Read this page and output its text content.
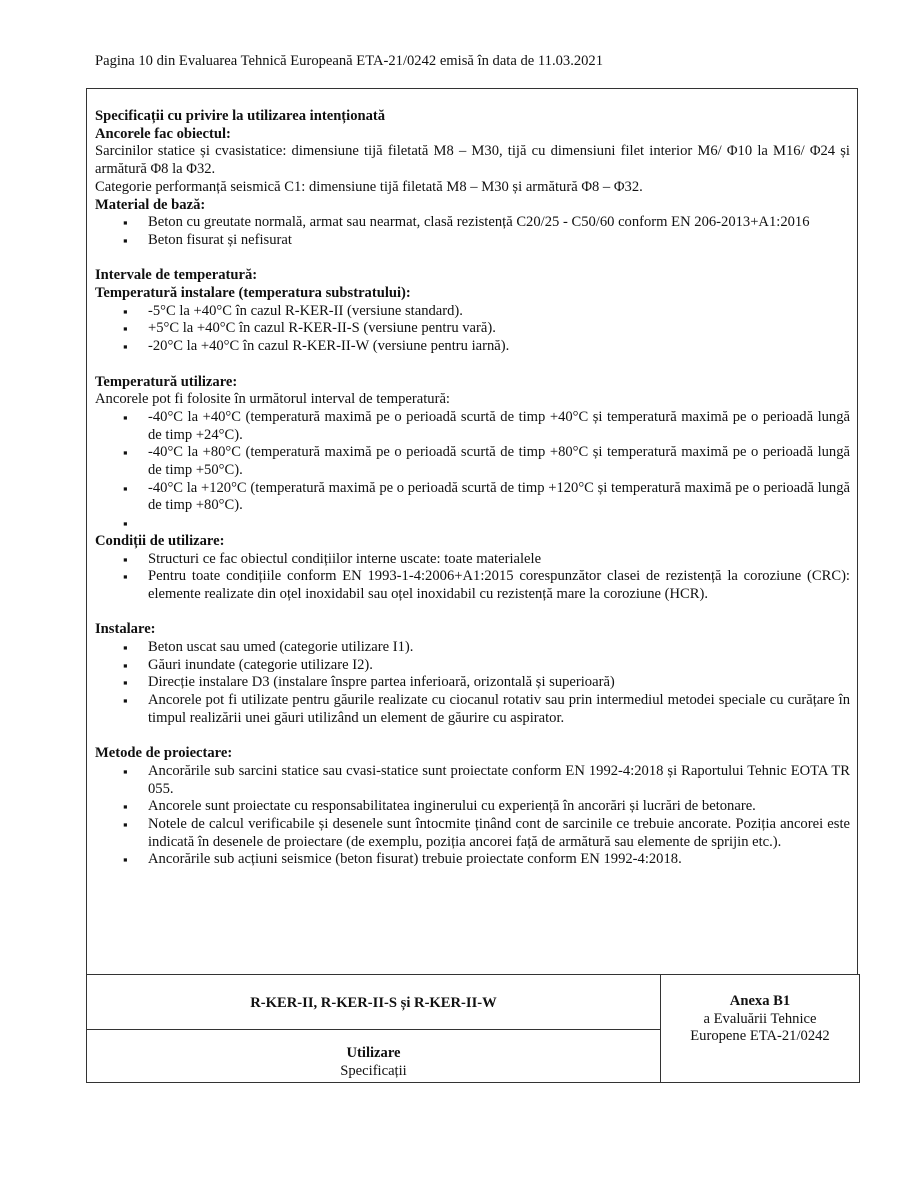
Pagina 10 din Evaluarea Tehnică Europeană ETA-21/0242 emisă în data de 11.03.2021
Specificații cu privire la utilizarea intenționată
Ancorele fac obiectul:
Sarcinilor statice și cvasistatice: dimensiune tijă filetată M8 – M30, tijă cu dimensiuni filet interior M6/ Φ10 la M16/ Φ24 și armătură Φ8 la Φ32.
Categorie performanță seismică C1: dimensiune tijă filetată M8 – M30 și armătură Φ8 – Φ32.
Material de bază:
▪ Beton cu greutate normală, armat sau nearmat, clasă rezistență C20/25 - C50/60 conform EN 206-2013+A1:2016
▪ Beton fisurat și nefisurat
Intervale de temperatură:
Temperatură instalare (temperatura substratului):
▪ -5°C la +40°C în cazul R-KER-II (versiune standard).
▪ +5°C la +40°C în cazul R-KER-II-S (versiune pentru vară).
▪ -20°C la +40°C în cazul R-KER-II-W (versiune pentru iarnă).
Temperatură utilizare:
Ancorele pot fi folosite în următorul interval de temperatură:
▪ -40°C la +40°C (temperatură maximă pe o perioadă scurtă de timp +40°C și temperatură maximă pe o perioadă lungă de timp +24°C).
▪ -40°C la +80°C (temperatură maximă pe o perioadă scurtă de timp +80°C și temperatură maximă pe o perioadă lungă de timp +50°C).
▪ -40°C la +120°C (temperatură maximă pe o perioadă scurtă de timp +120°C și temperatură maximă pe o perioadă lungă de timp +80°C).
▪
Condiții de utilizare:
▪ Structuri ce fac obiectul condițiilor interne uscate: toate materialele
▪ Pentru toate condițiile conform EN 1993-1-4:2006+A1:2015 corespunzător clasei de rezistență la coroziune (CRC): elemente realizate din oțel inoxidabil sau oțel inoxidabil cu rezistență mare la coroziune (HCR).
Instalare:
▪ Beton uscat sau umed (categorie utilizare I1).
▪ Găuri inundate (categorie utilizare I2).
▪ Direcție instalare D3 (instalare înspre partea inferioară, orizontală și superioară)
▪ Ancorele pot fi utilizate pentru găurile realizate cu ciocanul rotativ sau prin intermediul metodei speciale cu curățare în timpul realizării unei găuri utilizând un element de găurire cu aspirator.
Metode de proiectare:
▪ Ancorările sub sarcini statice sau cvasi-statice sunt proiectate conform EN 1992-4:2018 și Raportului Tehnic EOTA TR 055.
▪ Ancorele sunt proiectate cu responsabilitatea inginerului cu experiență în ancorări și lucrări de betonare.
▪ Notele de calcul verificabile și desenele sunt întocmite ținând cont de sarcinile ce trebuie ancorate. Poziția ancorei este indicată în desenele de proiectare (de exemplu, poziția ancorei față de armătură sau elemente de sprijin etc.).
▪ Ancorările sub acțiuni seismice (beton fisurat) trebuie proiectate conform EN 1992-4:2018.
R-KER-II, R-KER-II-S și R-KER-II-W
Utilizare
Specificații
Anexa B1
a Evaluării Tehnice
Europene ETA-21/0242
